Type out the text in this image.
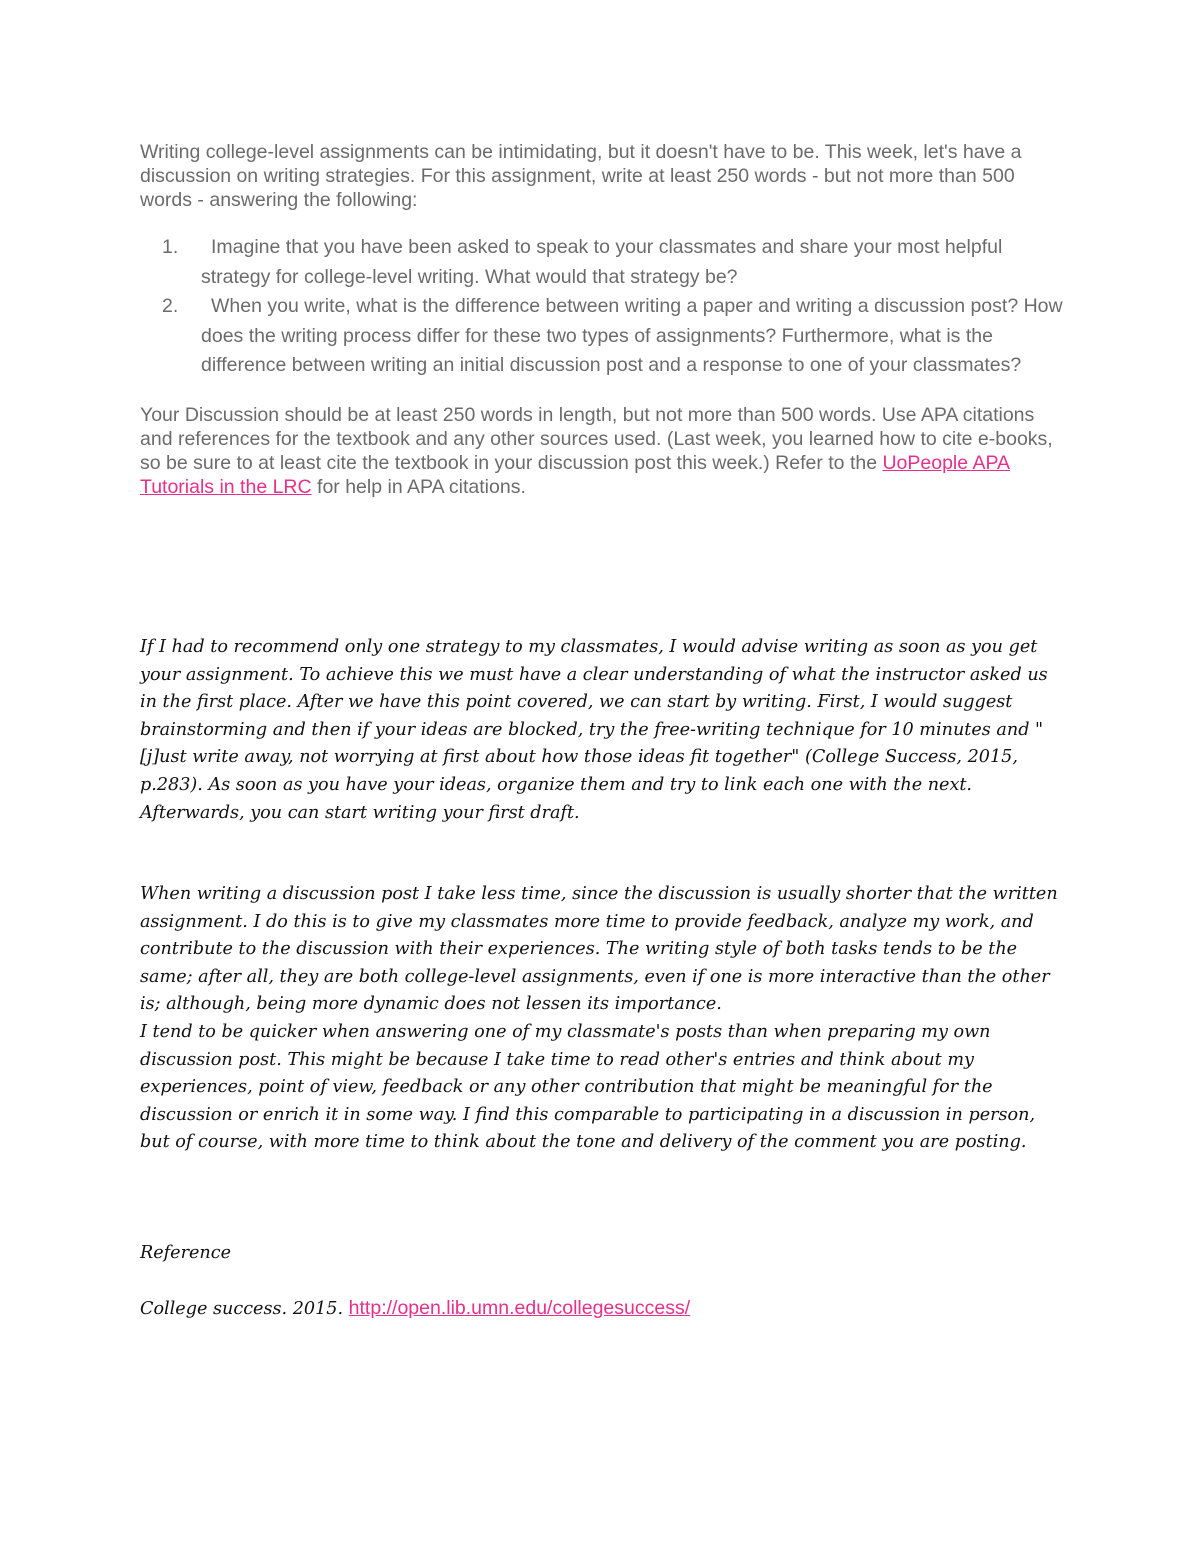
Writing college-level assignments can be intimidating, but it doesn't have to be. This week, let's have a discussion on writing strategies. For this assignment, write at least 250 words - but not more than 500 words - answering the following:

1.	Imagine that you have been asked to speak to your classmates and share your most helpful strategy for college-level writing. What would that strategy be?
2.	When you write, what is the difference between writing a paper and writing a discussion post? How does the writing process differ for these two types of assignments? Furthermore, what is the difference between writing an initial discussion post and a response to one of your classmates?

Your Discussion should be at least 250 words in length, but not more than 500 words. Use APA citations and references for the textbook and any other sources used. (Last week, you learned how to cite e-books, so be sure to at least cite the textbook in your discussion post this week.) Refer to the UoPeople APA Tutorials in the LRC for help in APA citations.

If I had to recommend only one strategy to my classmates, I would advise writing as soon as you get your assignment. To achieve this we must have a clear understanding of what the instructor asked us in the first place. After we have this point covered, we can start by writing. First, I would suggest brainstorming and then if your ideas are blocked, try the free-writing technique for 10 minutes and "[j]ust write away, not worrying at first about how those ideas fit together" (College Success, 2015, p.283). As soon as you have your ideas, organize them and try to link each one with the next. Afterwards, you can start writing your first draft.

When writing a discussion post I take less time, since the discussion is usually shorter that the written assignment. I do this is to give my classmates more time to provide feedback, analyze my work, and contribute to the discussion with their experiences. The writing style of both tasks tends to be the same; after all, they are both college-level assignments, even if one is more interactive than the other is; although, being more dynamic does not lessen its importance.

I tend to be quicker when answering one of my classmate's posts than when preparing my own discussion post. This might be because I take time to read other's entries and think about my experiences, point of view, feedback or any other contribution that might be meaningful for the discussion or enrich it in some way. I find this comparable to participating in a discussion in person, but of course, with more time to think about the tone and delivery of the comment you are posting.

Reference

College success. 2015. http://open.lib.umn.edu/collegesuccess/
